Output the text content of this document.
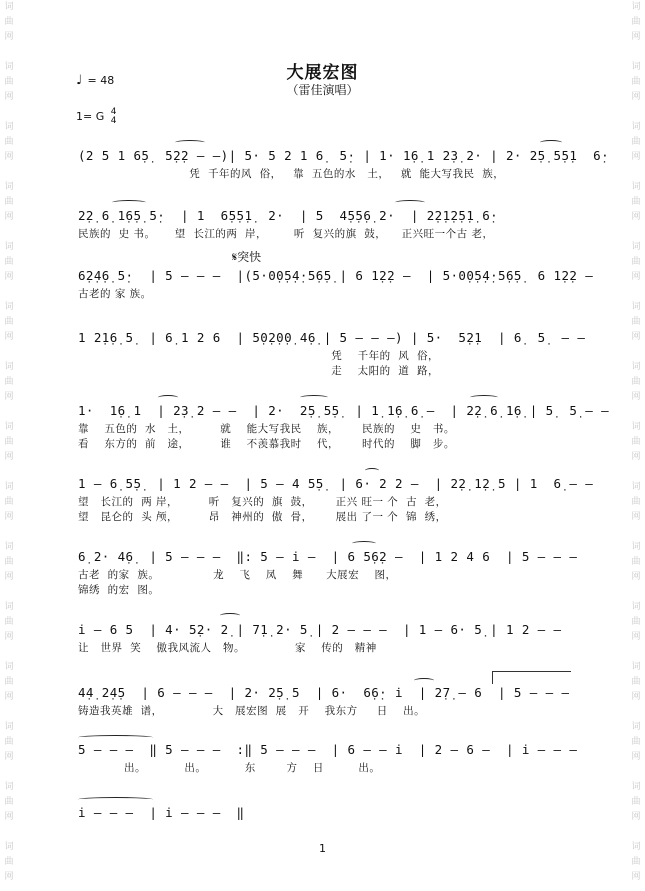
词
曲
网
词
曲
网
词
曲
网
词
曲
网
词
曲
网
词
曲
网
词
曲
网
词
曲
网
词
曲
网
词
曲
网
词
曲
网
词
曲
网
词
曲
网
词
曲
网
词
曲
网
词
曲
网
词
曲
网
词
曲
网
词
曲
网
词
曲
网
词
曲
网
词
曲
网
词
曲
网
词
曲
网
词
曲
网
词
曲
网
词
曲
网
词
曲
网
词
曲
网
词
曲
网
大展宏图
（雷佳演唱）
♩ = 48
1= G 4
4
(2 5 1 6̣5̣  5̣2̣2 – –)| 5· 5 2 1 6̣  5̣· | 1· 1̣6̣ 1 2̣3̣ 2· | 2· 2̣5̣ 5̣5̣1  6̣·
凭  千年的风  俗，   靠  五色的水   土，   就  能大写我民  族，
2̣2̣ 6̣ 1̣6̣5̣ 5̣·  | 1  6̣5̣5̣1̣  2·  | 5  4̣5̣5̣6̣ 2·  | 2̣2̣1̣2̣5̣1̣ 6̣·
民族的  史 书。     望  长江的两  岸，       听  复兴的旗  鼓，    正兴旺一个古 老，
𝄋突快
6̣2̣4̣6̣ 5̣·  | 5 – – –  |(5·0̣0̣5̣4̣·5̣6̣5̣ | 6 1̣2̣2 –  | 5·0̣0̣5̣4̣·5̣6̣5̣  6 1̣2̣2 –
古老的 家 族。
1 2̣1̣6̣ 5̣  | 6̣ 1 2 6  | 5̣0̣2̣0̣0̣ 4̣6̣ | 5 – – –) | 5·  5̣2̣1  | 6̣  5̣  – –
凭    千年的  风  俗，
走    太阳的  道  路，
1·  1̣6̣ 1  | 2̣3̣ 2 – –  | 2·  2̣5̣ 5̣5̣  | 1̣ 1̣6̣ 6̣ –  | 2̣2̣ 6̣ 1̣6̣ | 5̣  5̣ – –
靠    五色的  水   土，        就    能大写我民    族，      民族的    史   书。
看    东方的  前   途，        谁    不羡慕我时    代，      时代的    脚   步。
1 – 6̣ 5̣5̣  | 1 2 – –  | 5 – 4 5̣5̣  | 6· 2 2 –  | 2̣2̣ 1̣2̣ 5 | 1  6̣ – –
望   长江的  两 岸，        听   复兴的  旗  鼓，      正兴 旺一 个  古  老，
望   昆仑的  头 颅，        昂   神州的  傲  骨，      展出 了一 个  锦  绣，
6̣ 2· 4̣6̣  | 5 – – –  ‖: 5 – i –  | 6 5̣6̣2 –  | 1 2 4 6  | 5 – – –
古老  的家  族。              龙    飞    凤    舞      大展宏    图，
锦绣  的宏  图。
i – 6 5  | 4· 5̣2· 2̣ | 7̣1̣ 2· 5̣ | 2 – – –  | 1 – 6· 5̣ | 1 2 – –
让   世界  笑    傲我风流人   物。             家    传的   精神
4̣4̣ 2̣4̣5  | 6 – – –  | 2· 2̣5̣ 5  | 6·  6̣6̣· i̇  | 2̣7̣ – 6  | 5 – – –
铸造我英雄  谱，             大   展宏图  展   开    我东方     日    出。
5 – – –  ‖ 5 – – –  :‖ 5 – – –  | 6 – – i  | 2 – 6 –  | i – – –
出。          出。          东        方    日         出。
i – – –  | i – – –  ‖
1
